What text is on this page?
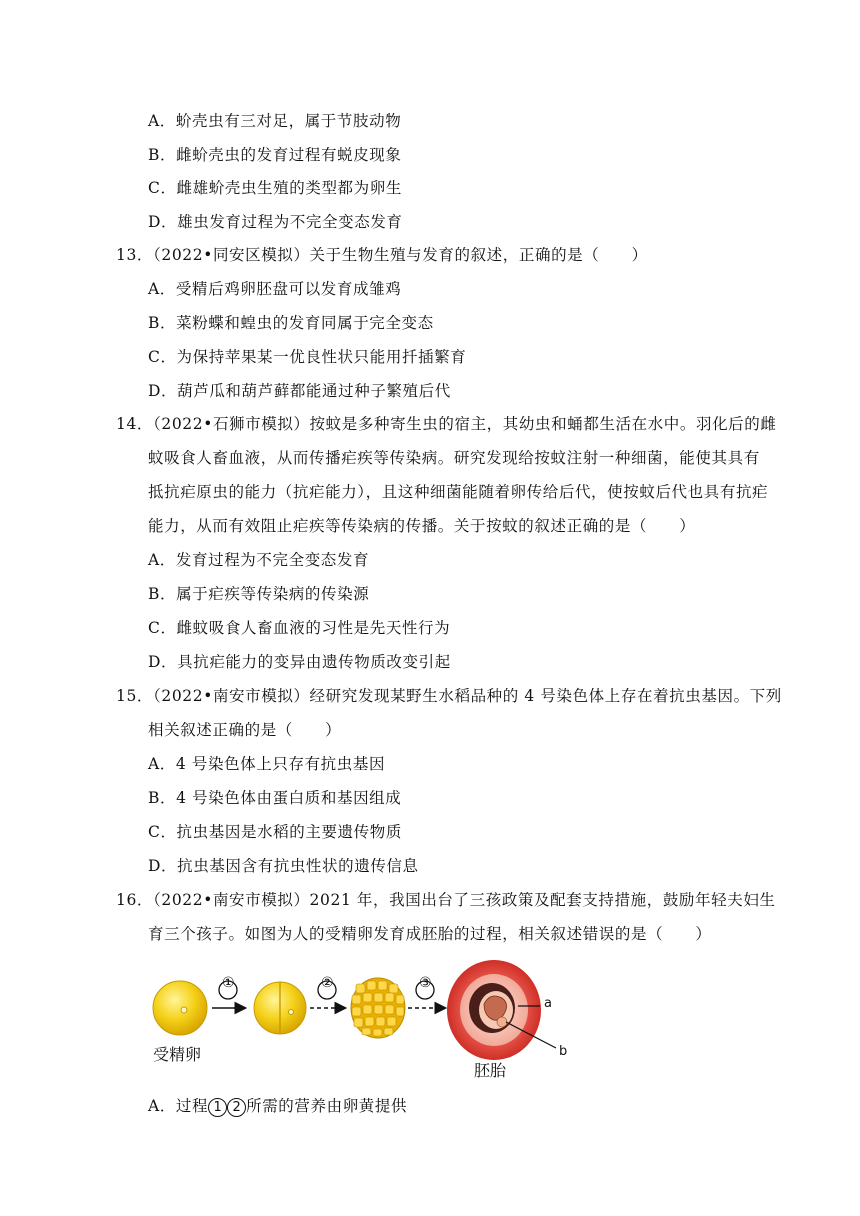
A．蚧壳虫有三对足，属于节肢动物
B．雌蚧壳虫的发育过程有蜕皮现象
C．雌雄蚧壳虫生殖的类型都为卵生
D．雄虫发育过程为不完全变态发育
13．（2022•同安区模拟）关于生物生殖与发育的叙述，正确的是（　　）
A．受精后鸡卵胚盘可以发育成雏鸡
B．菜粉蝶和蝗虫的发育同属于完全变态
C．为保持苹果某一优良性状只能用扦插繁育
D．葫芦瓜和葫芦藓都能通过种子繁殖后代
14．（2022•石狮市模拟）按蚊是多种寄生虫的宿主，其幼虫和蛹都生活在水中。羽化后的雌
蚊吸食人畜血液，从而传播疟疾等传染病。研究发现给按蚊注射一种细菌，能使其具有
抵抗疟原虫的能力（抗疟能力），且这种细菌能随着卵传给后代，使按蚊后代也具有抗疟
能力，从而有效阻止疟疾等传染病的传播。关于按蚊的叙述正确的是（　　）
A．发育过程为不完全变态发育
B．属于疟疾等传染病的传染源
C．雌蚊吸食人畜血液的习性是先天性行为
D．具抗疟能力的变异由遗传物质改变引起
15．（2022•南安市模拟）经研究发现某野生水稻品种的 4 号染色体上存在着抗虫基因。下列
相关叙述正确的是（　　）
A．4 号染色体上只存有抗虫基因
B．4 号染色体由蛋白质和基因组成
C．抗虫基因是水稻的主要遗传物质
D．抗虫基因含有抗虫性状的遗传信息
16．（2022•南安市模拟）2021 年，我国出台了三孩政策及配套支持措施，鼓励年轻夫妇生
育三个孩子。如图为人的受精卵发育成胚胎的过程，相关叙述错误的是（　　）
①	②	③
受精卵
胚胎
a
b
A．过程 1 2 所需的营养由卵黄提供
